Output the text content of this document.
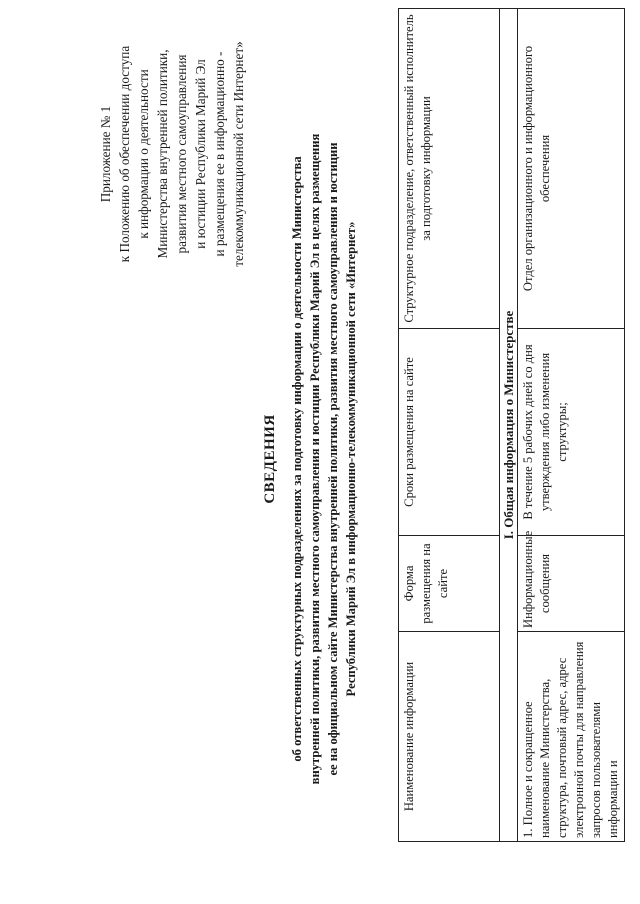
Приложение № 1 к Положению об обеспечении доступа к информации о деятельности Министерства внутренней политики, развития местного самоуправления и юстиции Республики Марий Эл и размещения ее в информационно - телекоммуникационной сети Интернет»
СВЕДЕНИЯ об ответственных структурных подразделениях за подготовку информации о деятельности Министерства внутренней политики, развития местного самоуправления и юстиции Республики Марий Эл в целях размещения ее на официальном сайте Министерства внутренней политики, развития местного самоуправления и юстиции Республики Марий Эл в информационно-телекоммуникационной сети «Интернет»
Наименование информации	Форма размещения на сайте	Сроки размещения на сайте	Структурное подразделение, ответственный исполнитель за подготовку информации
I. Общая информация о Министерстве			
1. Полное и сокращенное наименование Министерства, структура, почтовый адрес, адрес электронной почты для направления запросов пользователями информации и	Информационные сообщения	В течение 5 рабочих дней со дня утверждения либо изменения структуры;	Отдел организационного и информационного обеспечения
